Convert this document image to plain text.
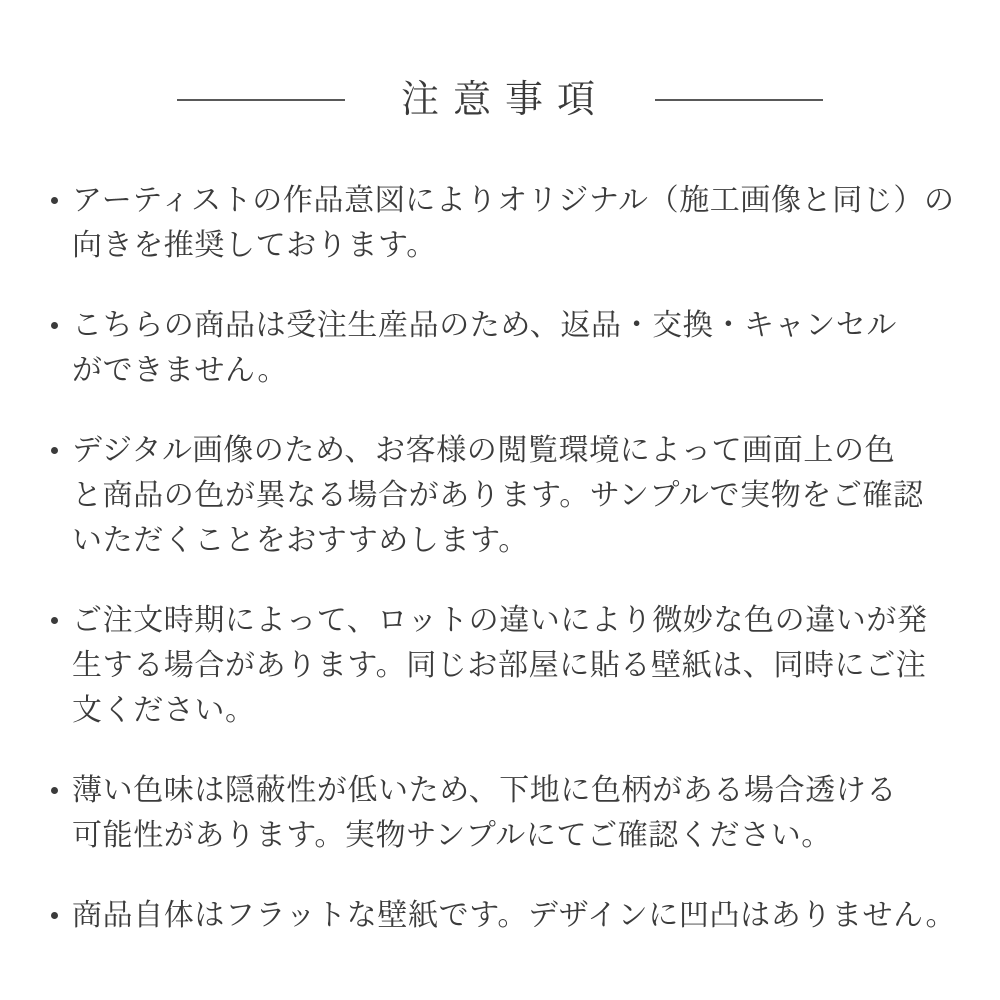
注意事項
アーティストの作品意図によりオリジナル（施工画像と同じ）の
向きを推奨しております。
こちらの商品は受注生産品のため、返品・交換・キャンセル
ができません。
デジタル画像のため、お客様の閲覧環境によって画面上の色
と商品の色が異なる場合があります。サンプルで実物をご確認
いただくことをおすすめします。
ご注文時期によって、ロットの違いにより微妙な色の違いが発
生する場合があります。同じお部屋に貼る壁紙は、同時にご注
文ください。
薄い色味は隠蔽性が低いため、下地に色柄がある場合透ける
可能性があります。実物サンプルにてご確認ください。
商品自体はフラットな壁紙です。デザインに凹凸はありません。
